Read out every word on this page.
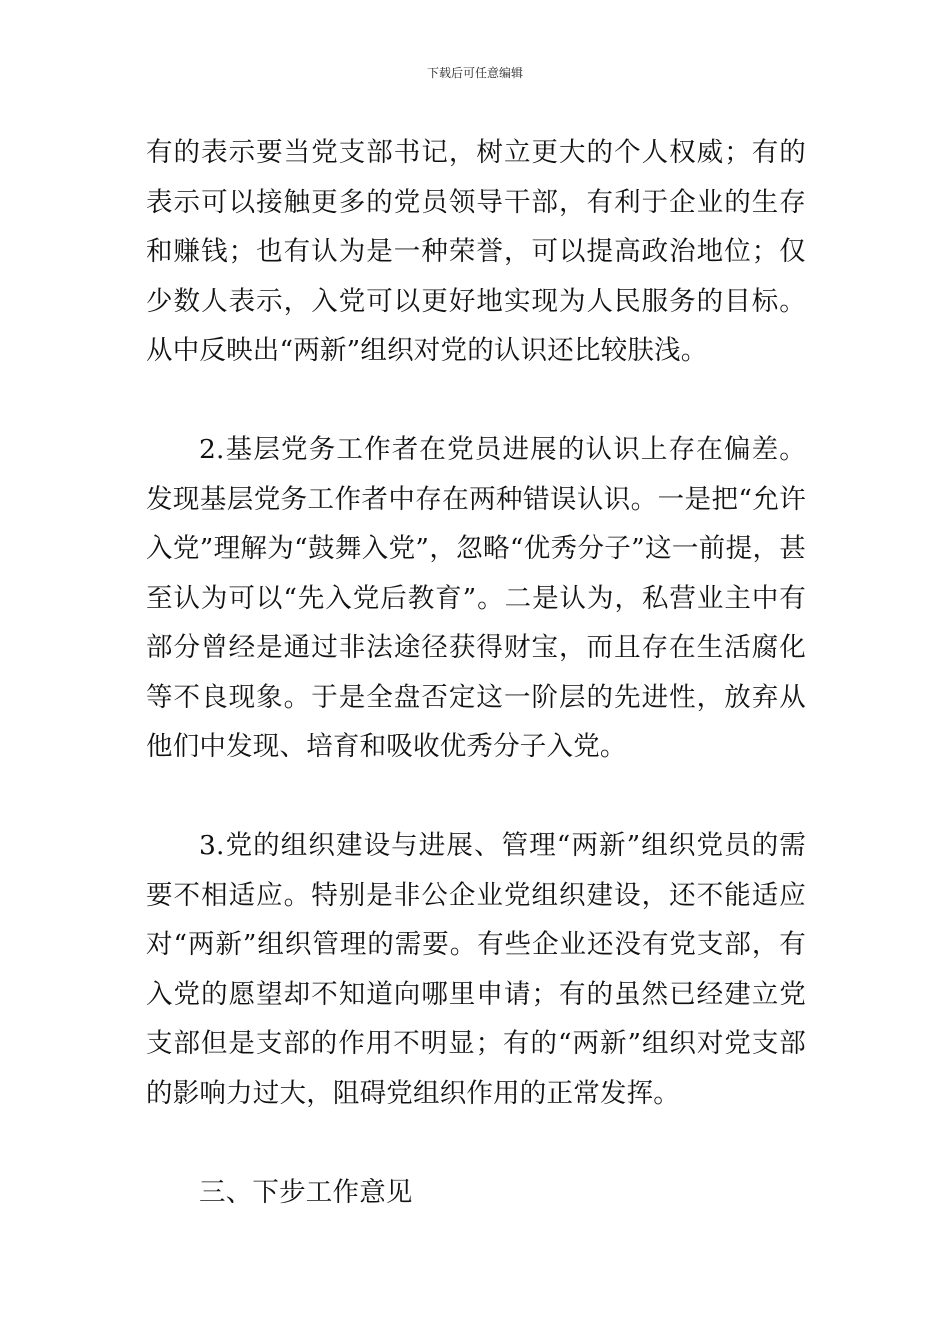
下载后可任意编辑

有的表示要当党支部书记，树立更大的个人权威；有的表示可以接触更多的党员领导干部，有利于企业的生存和赚钱；也有认为是一种荣誉，可以提高政治地位；仅少数人表示，入党可以更好地实现为人民服务的目标。从中反映出“两新”组织对党的认识还比较肤浅。

2.基层党务工作者在党员进展的认识上存在偏差。发现基层党务工作者中存在两种错误认识。一是把“允许入党”理解为“鼓舞入党”，忽略“优秀分子”这一前提，甚至认为可以“先入党后教育”。二是认为，私营业主中有部分曾经是通过非法途径获得财宝，而且存在生活腐化等不良现象。于是全盘否定这一阶层的先进性，放弃从他们中发现、培育和吸收优秀分子入党。

3.党的组织建设与进展、管理“两新”组织党员的需要不相适应。特别是非公企业党组织建设，还不能适应对“两新”组织管理的需要。有些企业还没有党支部，有入党的愿望却不知道向哪里申请；有的虽然已经建立党支部但是支部的作用不明显；有的“两新”组织对党支部的影响力过大，阻碍党组织作用的正常发挥。

三、下步工作意见
